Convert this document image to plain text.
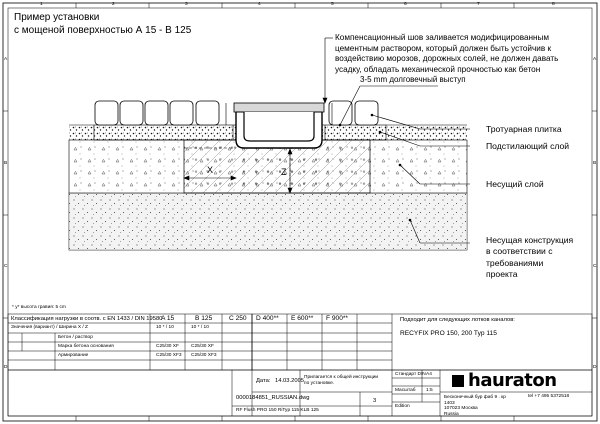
Пример установки
с мощеной поверхностью А 15 - В 125
Компенсационный шов заливается модифицированным цементным раствором, который должен быть устойчив к воздействию морозов, дорожных солей, не должен давать усадку, обладать механической прочностью как бетон
3-5 mm долговечный выступ
X	Z
Тротуарная плитка
Подстилающий слой
Несущий слой
Несущая конструкция в соответствии с требованиями проекта
* у* высота гравия: 5 cm
Классификация нагрузки в соотв. с EN 1433 / DIN 19580
A 15	B 125	C 250 D 400** E 600** F 900**
Значения (вариант) / Ширина X / Z	10 * / 10	10 * / 10
Бетон / раствор
Марка бетона основания	C25/30 XF	C25/30 XF
Армирование	C25/30 XF3 C25/30 XF3
Подходит для следующих лотков каналов:
RECYFIX PRO 150, 200 Typ 115
Дата: 14.03.2005
Прилагается к общей инструкции по установке.
3
0000184851_RUSSIAN.dwg
RF Flush PRO 150 RiTyp 115 KLB 125
Стандарт DIN A4
Масштаб 1:5
Edition
hauraton
Бесконечный бур фаб 9 . кр
1403
107023 Москва
Russia
tel +7 495 5372518
A
B
C
D
A
B
C
D
1	2	3	4	5	6	7	8
